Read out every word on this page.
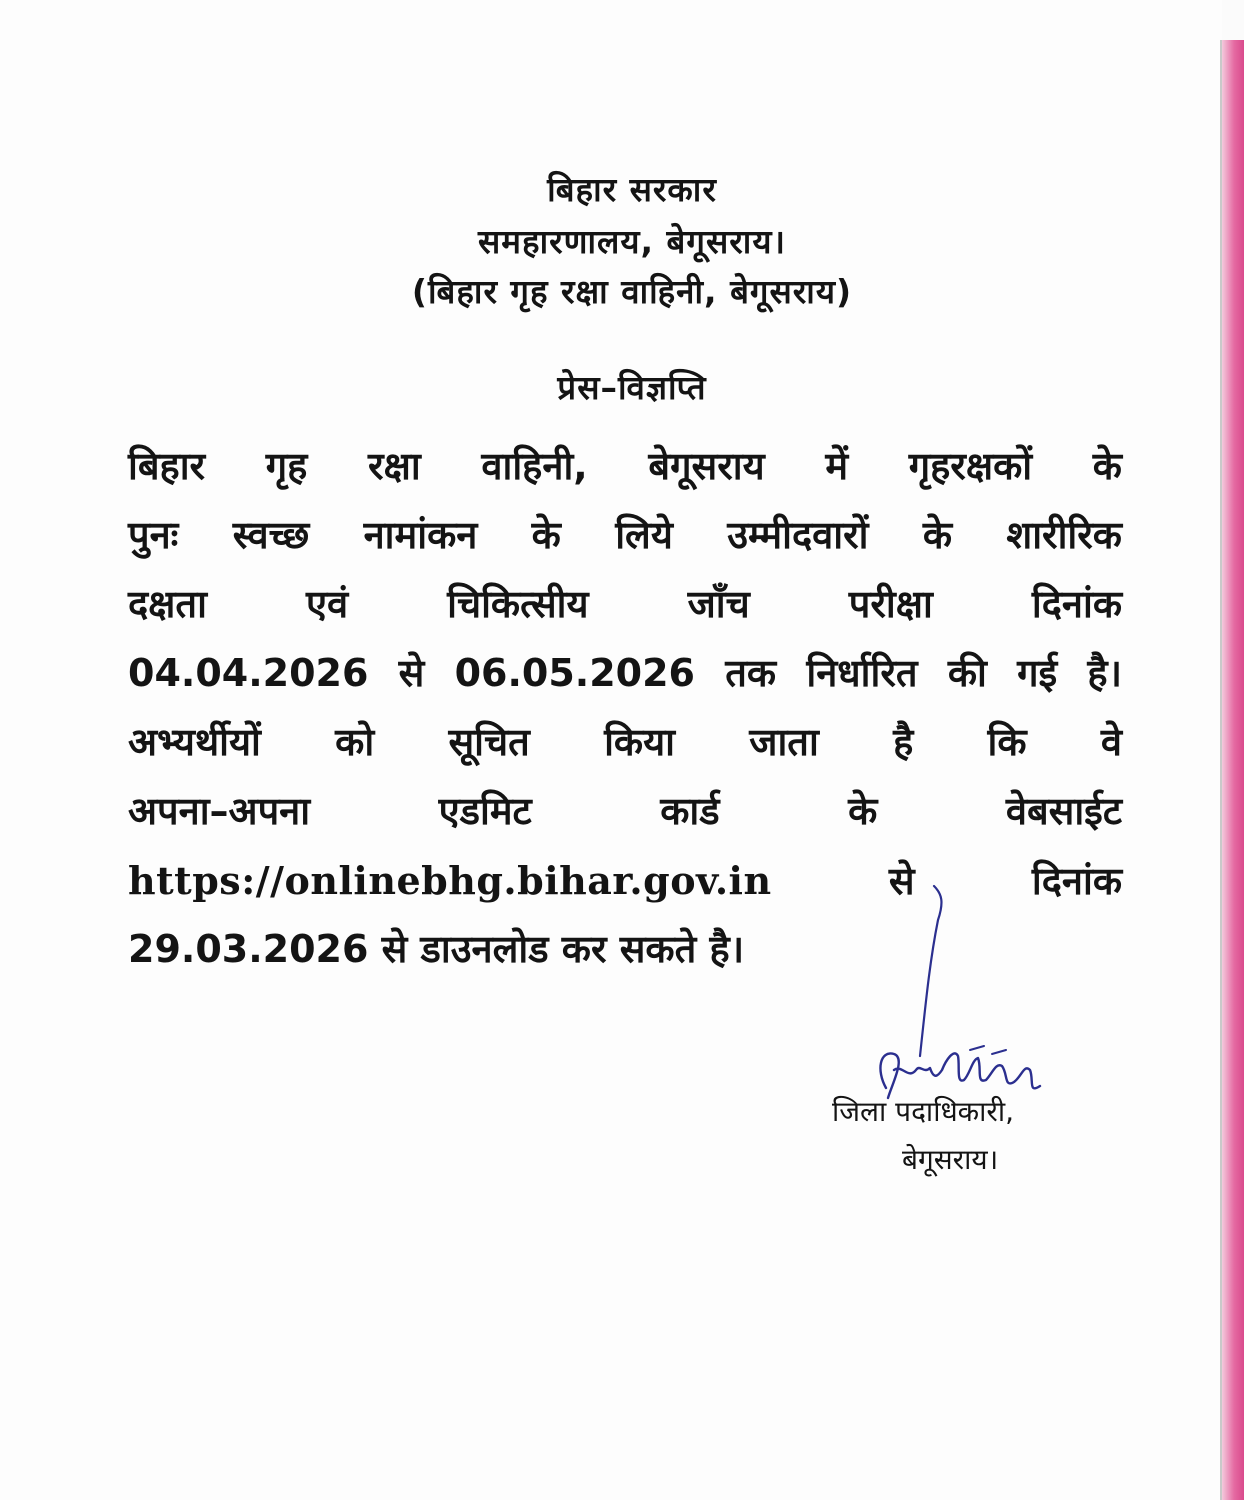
बिहार सरकार
समहारणालय, बेगूसराय।
(बिहार गृह रक्षा वाहिनी, बेगूसराय)
प्रेस–विज्ञप्ति
बिहार गृह रक्षा वाहिनी, बेगूसराय में गृहरक्षकों के
पुनः स्वच्छ नामांकन के लिये उम्मीदवारों के शारीरिक
दक्षता एवं चिकित्सीय जाँच परीक्षा दिनांक
04.04.2026 से 06.05.2026 तक निर्धारित की गई है।
अभ्यर्थीयों को सूचित किया जाता है कि वे
अपना–अपना एडमिट कार्ड के वेबसाईट
https://onlinebhg.bihar.gov.in	से दिनांक
29.03.2026 से डाउनलोड कर सकते है।
जिला पदाधिकारी,
बेगूसराय।
